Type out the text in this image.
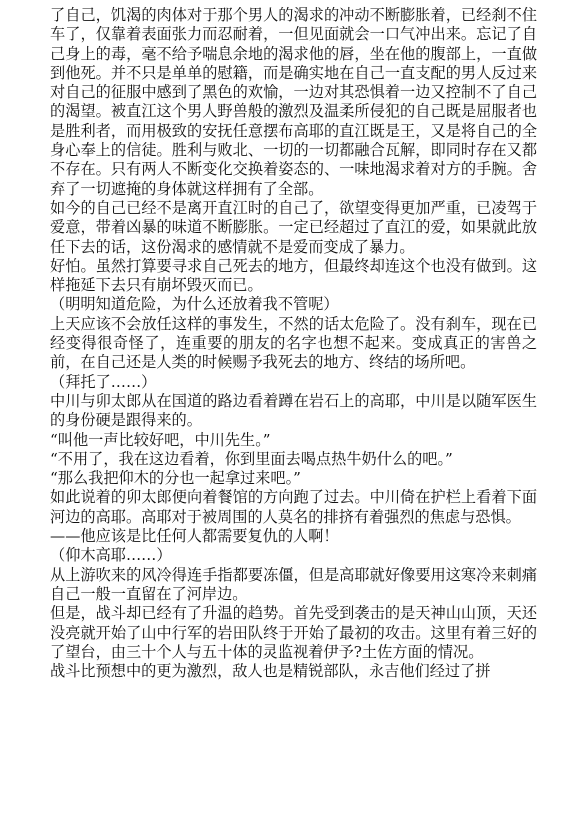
了自己，饥渴的肉体对于那个男人的渴求的冲动不断膨胀着，已经刹不住车了，仅靠着表面张力而忍耐着，一但见面就会一口气冲出来。忘记了自己身上的毒，毫不给予喘息余地的渴求他的唇，坐在他的腹部上，一直做到他死。并不只是单单的慰籍，而是确实地在自己一直支配的男人反过来对自己的征服中感到了黑色的欢愉，一边对其恐惧着一边又控制不了自己的渴望。被直江这个男人野兽般的激烈及温柔所侵犯的自己既是屈服者也是胜利者，而用极致的安抚任意摆布高耶的直江既是王，又是将自己的全身心奉上的信徒。胜利与败北、一切的一切都融合瓦解，即同时存在又都不存在。只有两人不断变化交换着姿态的、一味地渴求着对方的手腕。舍弃了一切遮掩的身体就这样拥有了全部。

如今的自己已经不是离开直江时的自己了，欲望变得更加严重，已凌驾于爱意，带着凶暴的味道不断膨胀。一定已经超过了直江的爱，如果就此放任下去的话，这份渴求的感情就不是爱而变成了暴力。

好怕。虽然打算要寻求自己死去的地方，但最终却连这个也没有做到。这样拖延下去只有崩坏毁灭而已。

（明明知道危险，为什么还放着我不管呢）

上天应该不会放任这样的事发生，不然的话太危险了。没有刹车，现在已经变得很奇怪了，连重要的朋友的名字也想不起来。变成真正的害兽之前，在自己还是人类的时候赐予我死去的地方、终结的场所吧。

（拜托了……）

中川与卯太郎从在国道的路边看着蹲在岩石上的高耶，中川是以随军医生的身份硬是跟得来的。

“叫他一声比较好吧，中川先生。”

“不用了，我在这边看着，你到里面去喝点热牛奶什么的吧。”

“那么我把仰木的分也一起拿过来吧。”

如此说着的卯太郎便向着餐馆的方向跑了过去。中川倚在护栏上看着下面河边的高耶。高耶对于被周围的人莫名的排挤有着强烈的焦虑与恐惧。

——他应该是比任何人都需要复仇的人啊！

（仰木高耶……）

从上游吹来的风冷得连手指都要冻僵，但是高耶就好像要用这寒冷来刺痛自己一般一直留在了河岸边。

但是，战斗却已经有了升温的趋势。首先受到袭击的是天神山山顶，天还没亮就开始了山中行军的岩田队终于开始了最初的攻击。这里有着三好的了望台，由三十个人与五十体的灵监视着伊予?土佐方面的情况。

战斗比预想中的更为激烈，敌人也是精锐部队，永吉他们经过了拼
